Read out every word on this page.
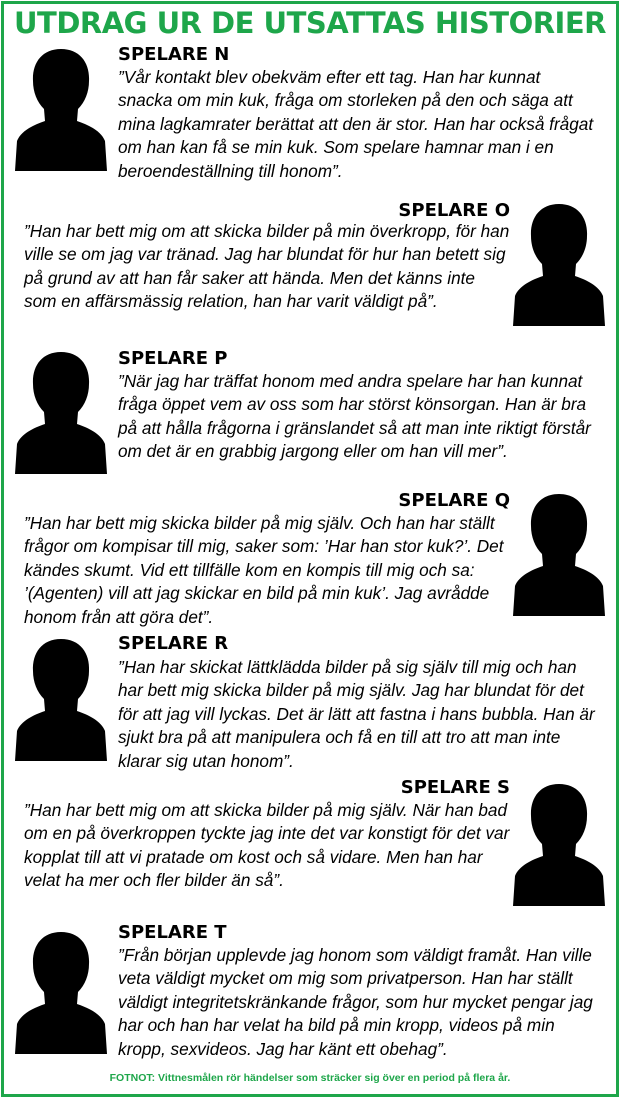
UTDRAG UR DE UTSATTAS HISTORIER
SPELARE N
”Vår kontakt blev obekväm efter ett tag. Han har kunnat snacka om min kuk, fråga om storleken på den och säga att mina lagkamrater berättat att den är stor. Han har också frågat om han kan få se min kuk. Som spelare hamnar man i en beroendeställning till honom”.
SPELARE O
”Han har bett mig om att skicka bilder på min överkropp, för han ville se om jag var tränad. Jag har blundat för hur han betett sig på grund av att han får saker att hända. Men det känns inte som en affärsmässig relation, han har varit väldigt på”.
SPELARE P
”När jag har träffat honom med andra spelare har han kunnat fråga öppet vem av oss som har störst könsorgan. Han är bra på att hålla frågorna i gränslandet så att man inte riktigt förstår om det är en grabbig jargong eller om han vill mer”.
SPELARE Q
”Han har bett mig skicka bilder på mig själv. Och han har ställt frågor om kompisar till mig, saker som: ’Har han stor kuk?’. Det kändes skumt. Vid ett tillfälle kom en kompis till mig och sa: ’(Agenten) vill att jag skickar en bild på min kuk’. Jag avrådde honom från att göra det”.
SPELARE R
”Han har skickat lättklädda bilder på sig själv till mig och han har bett mig skicka bilder på mig själv. Jag har blundat för det för att jag vill lyckas. Det är lätt att fastna i hans bubbla. Han är sjukt bra på att manipulera och få en till att tro att man inte klarar sig utan honom”.
SPELARE S
”Han har bett mig om att skicka bilder på mig själv. När han bad om en på överkroppen tyckte jag inte det var konstigt för det var kopplat till att vi pratade om kost och så vidare. Men han har velat ha mer och fler bilder än så”.
SPELARE T
”Från början upplevde jag honom som väldigt framåt. Han ville veta väldigt mycket om mig som privatperson. Han har ställt väldigt integritetskränkande frågor, som hur mycket pengar jag har och han har velat ha bild på min kropp, videos på min kropp, sexvideos. Jag har känt ett obehag”.
FOTNOT: Vittnesmålen rör händelser som sträcker sig över en period på flera år.
